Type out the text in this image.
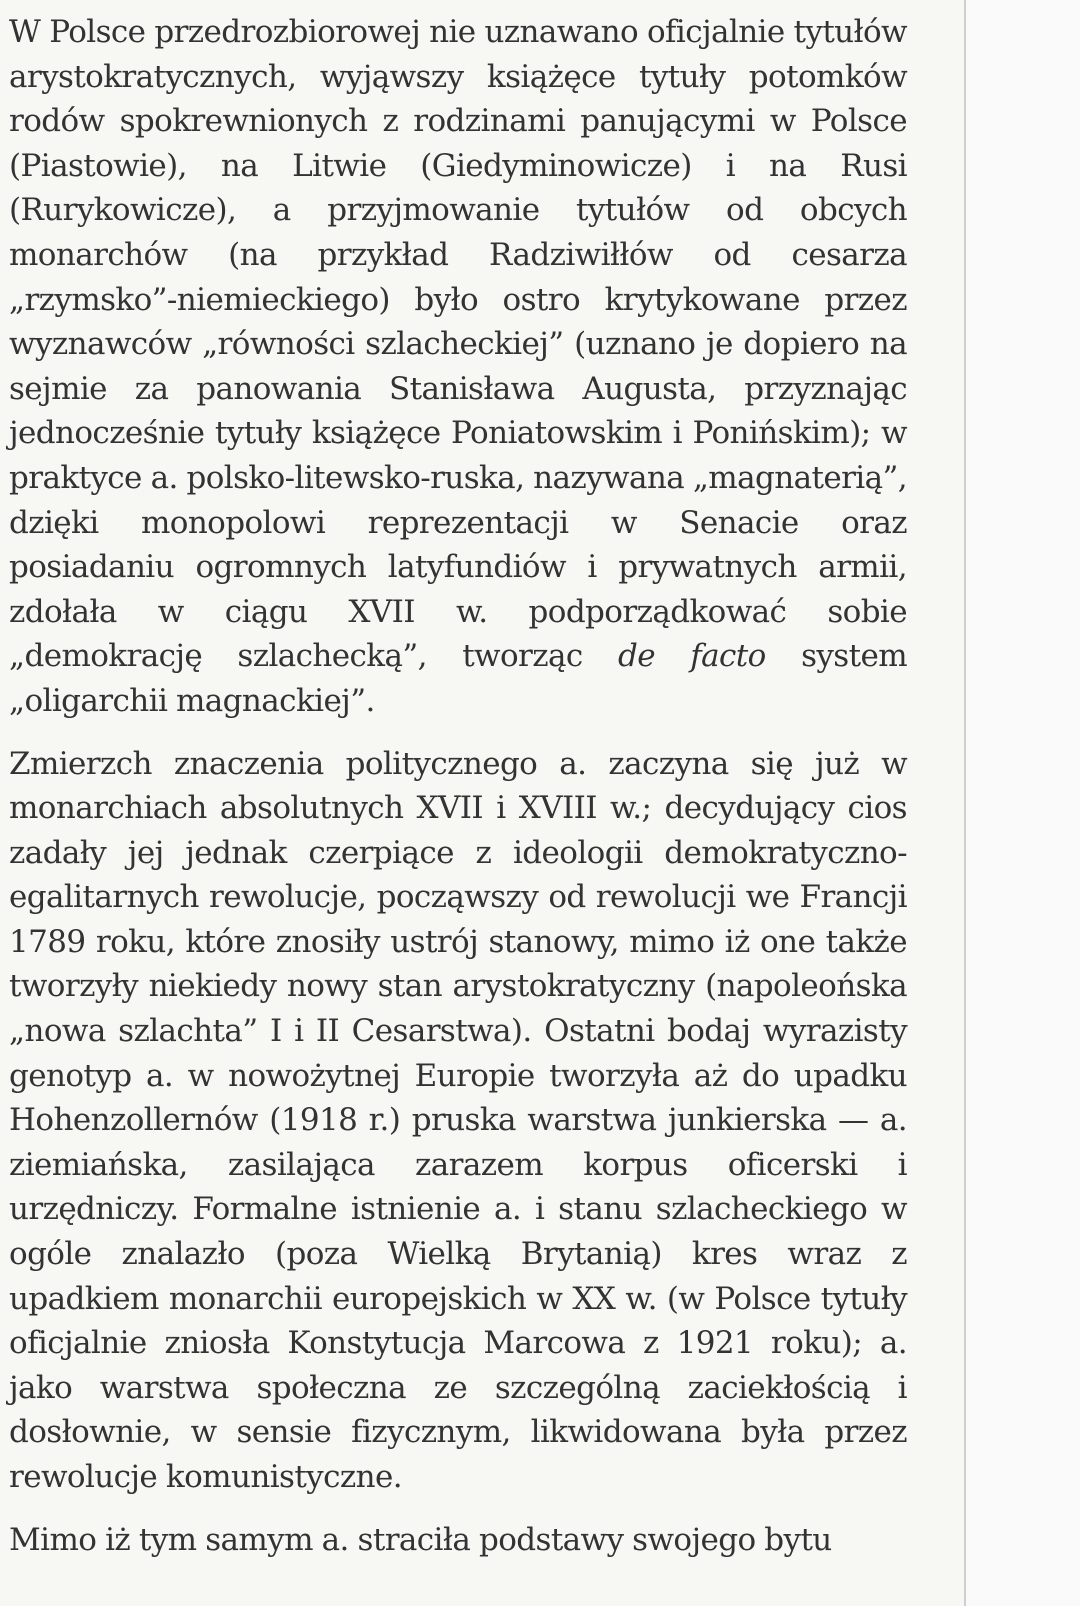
W Polsce przedrozbiorowej nie uznawano oficjalnie tytułów arystokratycznych, wyjąwszy książęce tytuły potomków rodów spokrewnionych z rodzinami panującymi w Polsce (Piastowie), na Litwie (Giedyminowicze) i na Rusi (Rurykowicze), a przyjmowanie tytułów od obcych monarchów (na przykład Radziwiłłów od cesarza „rzymsko”-niemieckiego) było ostro krytykowane przez wyznawców „równości szlacheckiej” (uznano je dopiero na sejmie za panowania Stanisława Augusta, przyznając jednocześnie tytuły książęce Poniatowskim i Ponińskim); w praktyce a. polsko-litewsko-ruska, nazywana „magnaterią”, dzięki monopolowi reprezentacji w Senacie oraz posiadaniu ogromnych latyfundiów i prywatnych armii, zdołała w ciągu XVII w. podporządkować sobie „demokrację szlachecką”, tworząc de facto system „oligarchii magnackiej”.

Zmierzch znaczenia politycznego a. zaczyna się już w monarchiach absolutnych XVII i XVIII w.; decydujący cios zadały jej jednak czerpiące z ideologii demokratyczno-egalitarnych rewolucje, począwszy od rewolucji we Francji 1789 roku, które znosiły ustrój stanowy, mimo iż one także tworzyły niekiedy nowy stan arystokratyczny (napoleońska „nowa szlachta” I i II Cesarstwa). Ostatni bodaj wyrazisty genotyp a. w nowożytnej Europie tworzyła aż do upadku Hohenzollernów (1918 r.) pruska warstwa junkierska — a. ziemiańska, zasilająca zarazem korpus oficerski i urzędniczy. Formalne istnienie a. i stanu szlacheckiego w ogóle znalazło (poza Wielką Brytanią) kres wraz z upadkiem monarchii europejskich w XX w. (w Polsce tytuły oficjalnie zniosła Konstytucja Marcowa z 1921 roku); a. jako warstwa społeczna ze szczególną zaciekłością i dosłownie, w sensie fizycznym, likwidowana była przez rewolucje komunistyczne.

Mimo iż tym samym a. straciła podstawy swojego bytu
